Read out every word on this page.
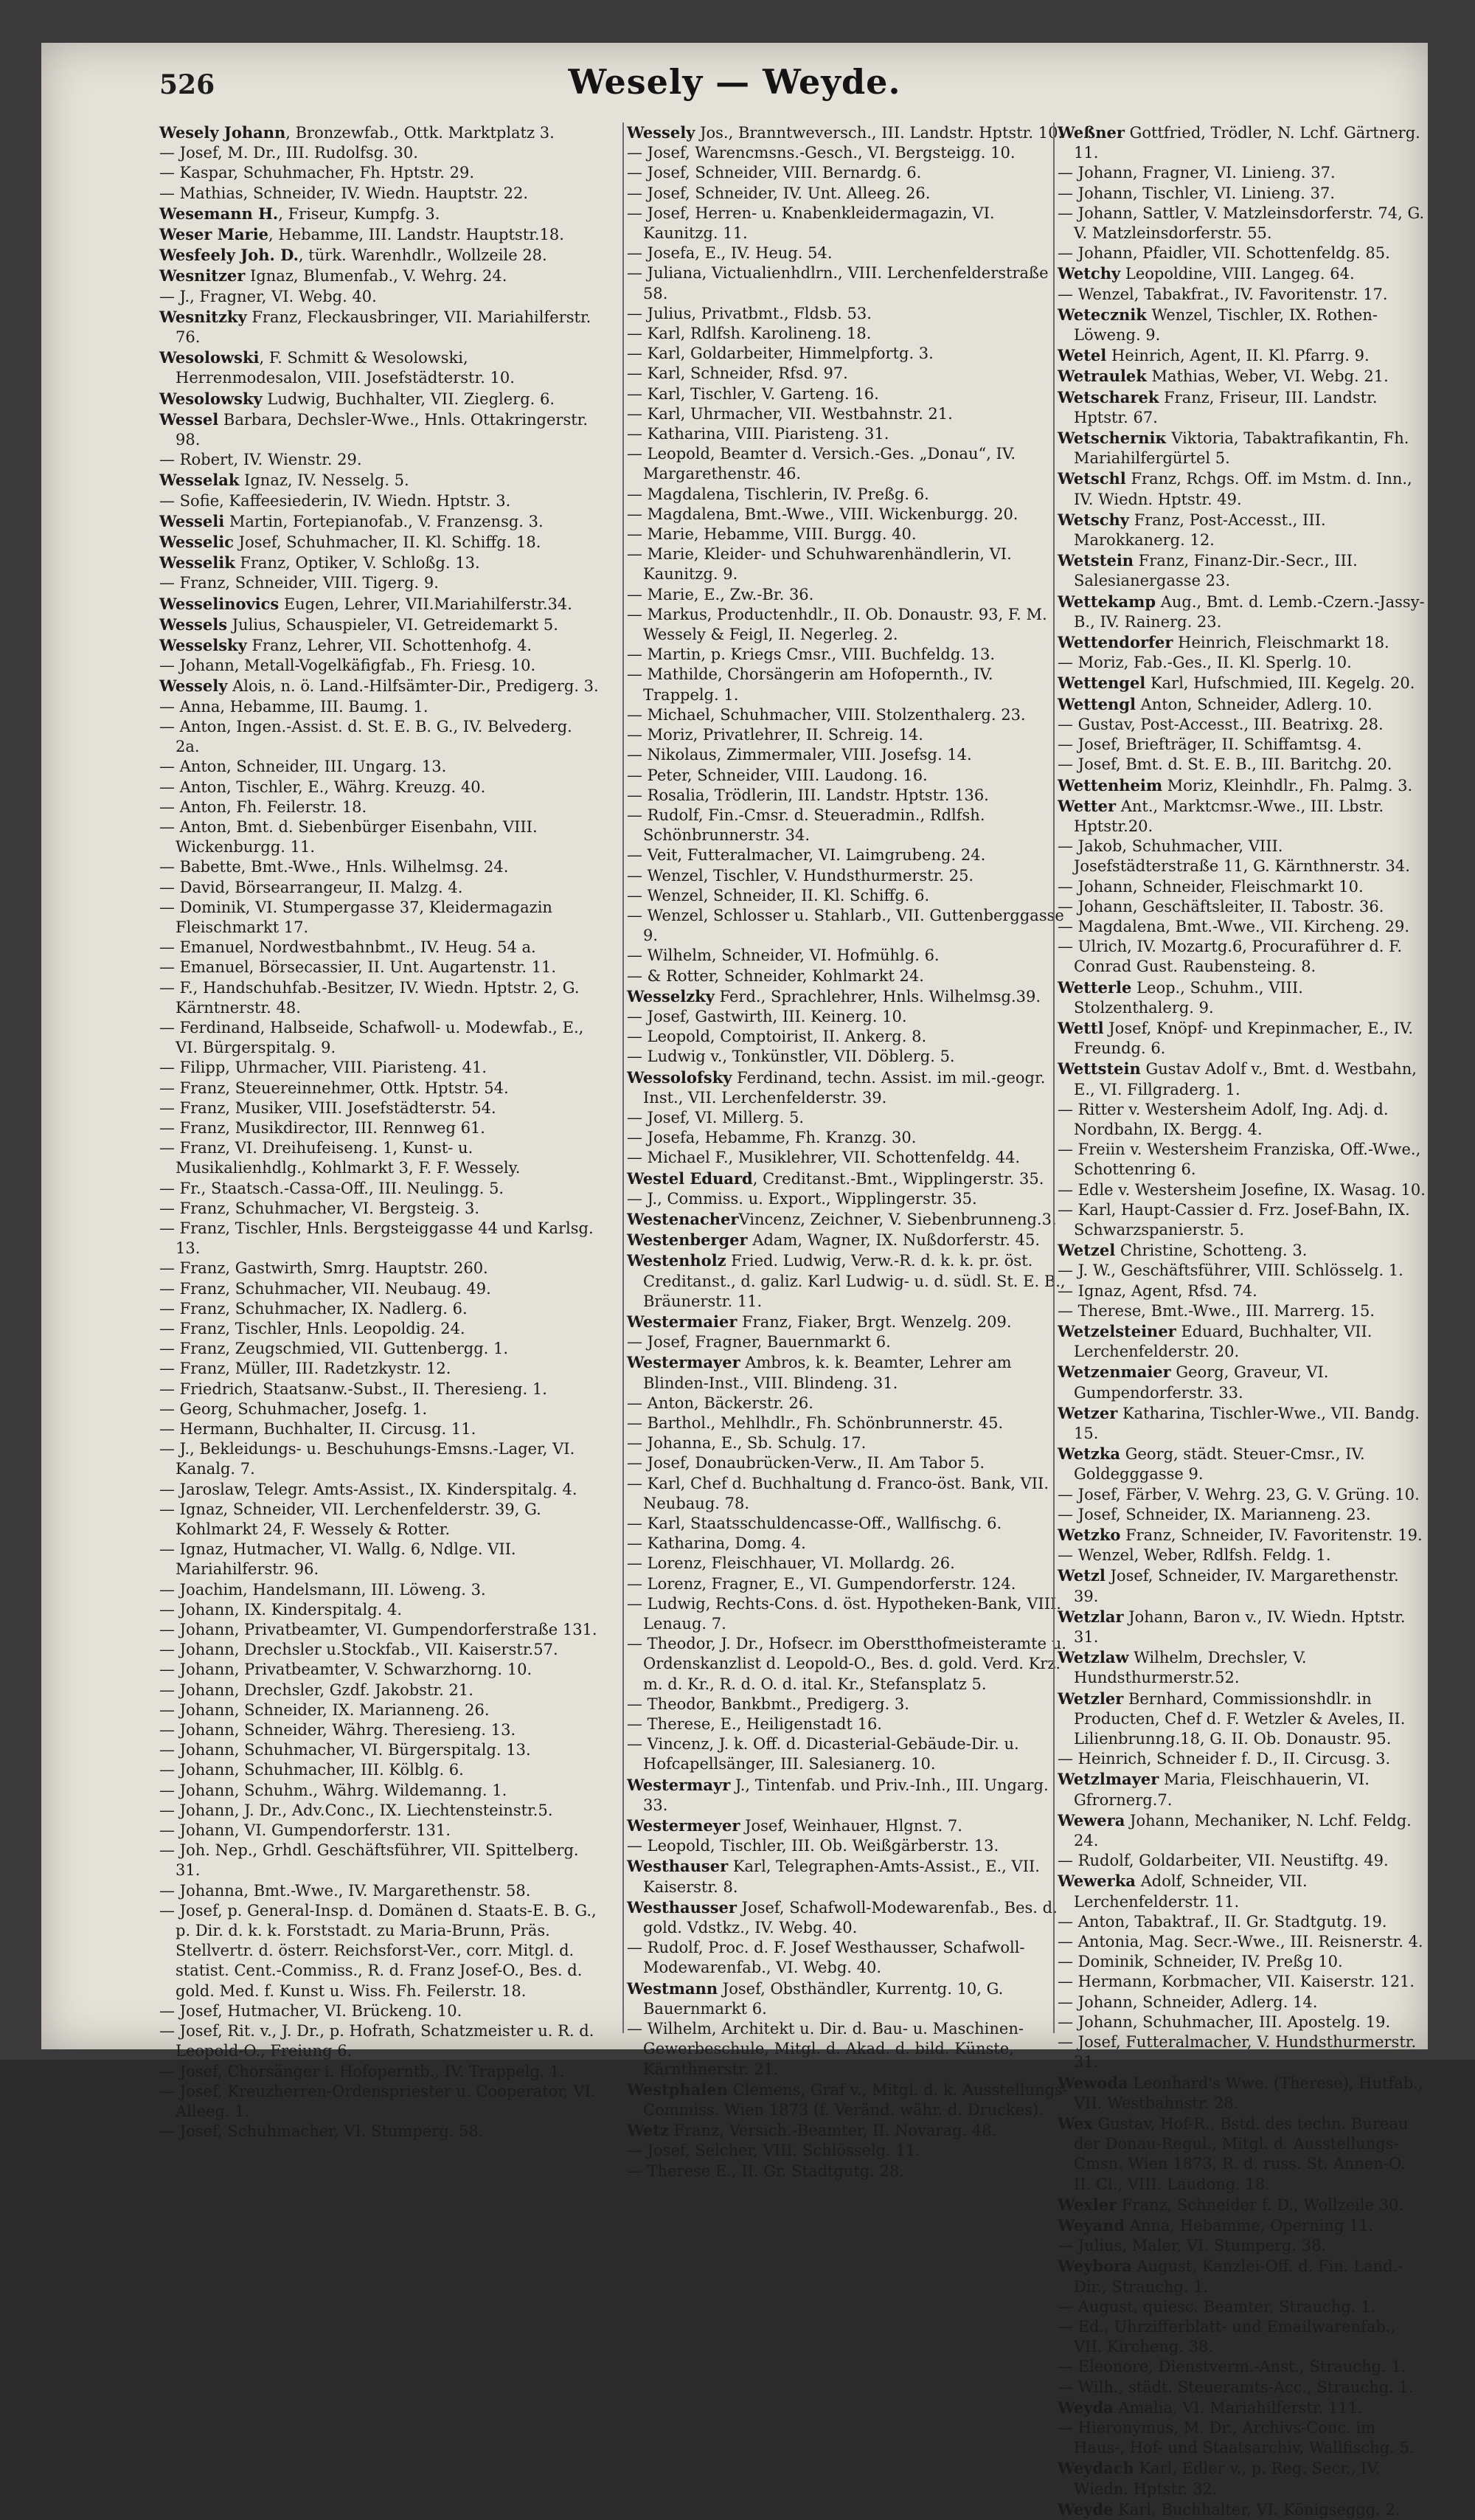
526	Wesely — Weyde.

Wesely Johann, Bronzewfab., Ottk. Marktplatz 3.

— Josef, M. Dr., III. Rudolfsg. 30.

— Kaspar, Schuhmacher, Fh. Hptstr. 29.

— Mathias, Schneider, IV. Wiedn. Hauptstr. 22.

Wesemann H., Friseur, Kumpfg. 3.

Weser Marie, Hebamme, III. Landstr. Hauptstr.18.

Wesfeely Joh. D., türk. Warenhdlr., Wollzeile 28.

Wesnitzer Ignaz, Blumenfab., V. Wehrg. 24.

— J., Fragner, VI. Webg. 40.

Wesnitzky Franz, Fleckausbringer, VII. Mariahilferstr. 76.

Wesolowski, F. Schmitt & Wesolowski, Herrenmodesalon, VIII. Josefstädterstr. 10.

Wesolowsky Ludwig, Buchhalter, VII. Zieglerg. 6.

Wessel Barbara, Dechsler-Wwe., Hnls. Ottakringerstr. 98.

— Robert, IV. Wienstr. 29.

Wesselak Ignaz, IV. Nesselg. 5.

— Sofie, Kaffeesiederin, IV. Wiedn. Hptstr. 3.

Wesseli Martin, Fortepianofab., V. Franzensg. 3.

Wesselic Josef, Schuhmacher, II. Kl. Schiffg. 18.

Wesselik Franz, Optiker, V. Schloßg. 13.

— Franz, Schneider, VIII. Tigerg. 9.

Wesselinovics Eugen, Lehrer, VII.Mariahilferstr.34.

Wessels Julius, Schauspieler, VI. Getreidemarkt 5.

Wesselsky Franz, Lehrer, VII. Schottenhofg. 4.

— Johann, Metall-Vogelkäfigfab., Fh. Friesg. 10.

Wessely Alois, n. ö. Land.-Hilfsämter-Dir., Predigerg. 3.

— Anna, Hebamme, III. Baumg. 1.

— Anton, Ingen.-Assist. d. St. E. B. G., IV. Belvederg. 2a.

— Anton, Schneider, III. Ungarg. 13.

— Anton, Tischler, E., Währg. Kreuzg. 40.

— Anton, Fh. Feilerstr. 18.

— Anton, Bmt. d. Siebenbürger Eisenbahn, VIII. Wickenburgg. 11.

— Babette, Bmt.-Wwe., Hnls. Wilhelmsg. 24.

— David, Börsearrangeur, II. Malzg. 4.

— Dominik, VI. Stumpergasse 37, Kleidermagazin Fleischmarkt 17.

— Emanuel, Nordwestbahnbmt., IV. Heug. 54 a.

— Emanuel, Börsecassier, II. Unt. Augartenstr. 11.

— F., Handschuhfab.-Besitzer, IV. Wiedn. Hptstr. 2, G. Kärntnerstr. 48.

— Ferdinand, Halbseide, Schafwoll- u. Modewfab., E., VI. Bürgerspitalg. 9.

— Filipp, Uhrmacher, VIII. Piaristeng. 41.

— Franz, Steuereinnehmer, Ottk. Hptstr. 54.

— Franz, Musiker, VIII. Josefstädterstr. 54.

— Franz, Musikdirector, III. Rennweg 61.

— Franz, VI. Dreihufeiseng. 1, Kunst- u. Musikalienhdlg., Kohlmarkt 3, F. F. Wessely.

— Fr., Staatsch.-Cassa-Off., III. Neulingg. 5.

— Franz, Schuhmacher, VI. Bergsteig. 3.

— Franz, Tischler, Hnls. Bergsteiggasse 44 und Karlsg. 13.

— Franz, Gastwirth, Smrg. Hauptstr. 260.

— Franz, Schuhmacher, VII. Neubaug. 49.

— Franz, Schuhmacher, IX. Nadlerg. 6.

— Franz, Tischler, Hnls. Leopoldig. 24.

— Franz, Zeugschmied, VII. Guttenbergg. 1.

— Franz, Müller, III. Radetzkystr. 12.

— Friedrich, Staatsanw.-Subst., II. Theresieng. 1.

— Georg, Schuhmacher, Josefg. 1.

— Hermann, Buchhalter, II. Circusg. 11.

— J., Bekleidungs- u. Beschuhungs-Emsns.-Lager, VI. Kanalg. 7.

— Jaroslaw, Telegr. Amts-Assist., IX. Kinderspitalg. 4.

— Ignaz, Schneider, VII. Lerchenfelderstr. 39, G. Kohlmarkt 24, F. Wessely & Rotter.

— Ignaz, Hutmacher, VI. Wallg. 6, Ndlge. VII. Mariahilferstr. 96.

— Joachim, Handelsmann, III. Löweng. 3.

— Johann, IX. Kinderspitalg. 4.

— Johann, Privatbeamter, VI. Gumpendorferstraße 131.

— Johann, Drechsler u.Stockfab., VII. Kaiserstr.57.

— Johann, Privatbeamter, V. Schwarzhorng. 10.

— Johann, Drechsler, Gzdf. Jakobstr. 21.

— Johann, Schneider, IX. Marianneng. 26.

— Johann, Schneider, Währg. Theresieng. 13.

— Johann, Schuhmacher, VI. Bürgerspitalg. 13.

— Johann, Schuhmacher, III. Kölblg. 6.

— Johann, Schuhm., Währg. Wildemanng. 1.

— Johann, J. Dr., Adv.Conc., IX. Liechtensteinstr.5.

— Johann, VI. Gumpendorferstr. 131.

— Joh. Nep., Grhdl. Geschäftsführer, VII. Spittelberg. 31.

— Johanna, Bmt.-Wwe., IV. Margarethenstr. 58.

— Josef, p. General-Insp. d. Domänen d. Staats-E. B. G., p. Dir. d. k. k. Forststadt. zu Maria-Brunn, Präs. Stellvertr. d. österr. Reichsforst-Ver., corr. Mitgl. d. statist. Cent.-Commiss., R. d. Franz Josef-O., Bes. d. gold. Med. f. Kunst u. Wiss. Fh. Feilerstr. 18.

— Josef, Hutmacher, VI. Brückeng. 10.

— Josef, Rit. v., J. Dr., p. Hofrath, Schatzmeister u. R. d. Leopold-O., Freiung 6.

— Josef, Chorsänger i. Hofoperntb., IV. Trappelg. 1.

— Josef, Kreuzherren-Ordenspriester u. Cooperator, VI. Alleeg. 1.

— Josef, Schuhmacher, VI. Stumperg. 58.

Wessely Jos., Branntweversch., III. Landstr. Hptstr. 10.

— Josef, Warencmsns.-Gesch., VI. Bergsteigg. 10.

— Josef, Schneider, VIII. Bernardg. 6.

— Josef, Schneider, IV. Unt. Alleeg. 26.

— Josef, Herren- u. Knabenkleidermagazin, VI. Kaunitzg. 11.

— Josefa, E., IV. Heug. 54.

— Juliana, Victualienhdlrn., VIII. Lerchenfelderstraße 58.

— Julius, Privatbmt., Fldsb. 53.

— Karl, Rdlfsh. Karolineng. 18.

— Karl, Goldarbeiter, Himmelpfortg. 3.

— Karl, Schneider, Rfsd. 97.

— Karl, Tischler, V. Garteng. 16.

— Karl, Uhrmacher, VII. Westbahnstr. 21.

— Katharina, VIII. Piaristeng. 31.

— Leopold, Beamter d. Versich.-Ges. „Donau“, IV. Margarethenstr. 46.

— Magdalena, Tischlerin, IV. Preßg. 6.

— Magdalena, Bmt.-Wwe., VIII. Wickenburgg. 20.

— Marie, Hebamme, VIII. Burgg. 40.

— Marie, Kleider- und Schuhwarenhändlerin, VI. Kaunitzg. 9.

— Marie, E., Zw.-Br. 36.

— Markus, Productenhdlr., II. Ob. Donaustr. 93, F. M. Wessely & Feigl, II. Negerleg. 2.

— Martin, p. Kriegs Cmsr., VIII. Buchfeldg. 13.

— Mathilde, Chorsängerin am Hofopernth., IV. Trappelg. 1.

— Michael, Schuhmacher, VIII. Stolzenthalerg. 23.

— Moriz, Privatlehrer, II. Schreig. 14.

— Nikolaus, Zimmermaler, VIII. Josefsg. 14.

— Peter, Schneider, VIII. Laudong. 16.

— Rosalia, Trödlerin, III. Landstr. Hptstr. 136.

— Rudolf, Fin.-Cmsr. d. Steueradmin., Rdlfsh. Schönbrunnerstr. 34.

— Veit, Futteralmacher, VI. Laimgrubeng. 24.

— Wenzel, Tischler, V. Hundsthurmerstr. 25.

— Wenzel, Schneider, II. Kl. Schiffg. 6.

— Wenzel, Schlosser u. Stahlarb., VII. Guttenberggasse 9.

— Wilhelm, Schneider, VI. Hofmühlg. 6.

— & Rotter, Schneider, Kohlmarkt 24.

Wesselzky Ferd., Sprachlehrer, Hnls. Wilhelmsg.39.

— Josef, Gastwirth, III. Keinerg. 10.

— Leopold, Comptoirist, II. Ankerg. 8.

— Ludwig v., Tonkünstler, VII. Döblerg. 5.

Wessolofsky Ferdinand, techn. Assist. im mil.-geogr. Inst., VII. Lerchenfelderstr. 39.

— Josef, VI. Millerg. 5.

— Josefa, Hebamme, Fh. Kranzg. 30.

— Michael F., Musiklehrer, VII. Schottenfeldg. 44.

Westel Eduard, Creditanst.-Bmt., Wipplingerstr. 35.

— J., Commiss. u. Export., Wipplingerstr. 35.

WestenacherVincenz, Zeichner, V. Siebenbrunneng.3.

Westenberger Adam, Wagner, IX. Nußdorferstr. 45.

Westenholz Fried. Ludwig, Verw.-R. d. k. k. pr. öst. Creditanst., d. galiz. Karl Ludwig- u. d. südl. St. E. B., Bräunerstr. 11.

Westermaier Franz, Fiaker, Brgt. Wenzelg. 209.

— Josef, Fragner, Bauernmarkt 6.

Westermayer Ambros, k. k. Beamter, Lehrer am Blinden-Inst., VIII. Blindeng. 31.

— Anton, Bäckerstr. 26.

— Barthol., Mehlhdlr., Fh. Schönbrunnerstr. 45.

— Johanna, E., Sb. Schulg. 17.

— Josef, Donaubrücken-Verw., II. Am Tabor 5.

— Karl, Chef d. Buchhaltung d. Franco-öst. Bank, VII. Neubaug. 78.

— Karl, Staatsschuldencasse-Off., Wallfischg. 6.

— Katharina, Domg. 4.

— Lorenz, Fleischhauer, VI. Mollardg. 26.

— Lorenz, Fragner, E., VI. Gumpendorferstr. 124.

— Ludwig, Rechts-Cons. d. öst. Hypotheken-Bank, VIII. Lenaug. 7.

— Theodor, J. Dr., Hofsecr. im Oberstthofmeisteramte u. Ordenskanzlist d. Leopold-O., Bes. d. gold. Verd. Krz. m. d. Kr., R. d. O. d. ital. Kr., Stefansplatz 5.

— Theodor, Bankbmt., Predigerg. 3.

— Therese, E., Heiligenstadt 16.

— Vincenz, J. k. Off. d. Dicasterial-Gebäude-Dir. u. Hofcapellsänger, III. Salesianerg. 10.

Westermayr J., Tintenfab. und Priv.-Inh., III. Ungarg. 33.

Westermeyer Josef, Weinhauer, Hlgnst. 7.

— Leopold, Tischler, III. Ob. Weißgärberstr. 13.

Westhauser Karl, Telegraphen-Amts-Assist., E., VII. Kaiserstr. 8.

Westhausser Josef, Schafwoll-Modewarenfab., Bes. d. gold. Vdstkz., IV. Webg. 40.

— Rudolf, Proc. d. F. Josef Westhausser, Schafwoll-Modewarenfab., VI. Webg. 40.

Westmann Josef, Obsthändler, Kurrentg. 10, G. Bauernmarkt 6.

— Wilhelm, Architekt u. Dir. d. Bau- u. Maschinen-Gewerbeschule, Mitgl. d. Akad. d. bild. Künste, Kärnthnerstr. 21.

Westphalen Clemens, Graf v., Mitgl. d. k. Ausstellungs-Commiss. Wien 1873 (f. Veränd. währ. d. Druckes).

Wetz Franz, Versich.-Beamter, II. Novarag. 48.

— Josef, Selcher, VIII. Schlösselg. 11.

— Therese E., II. Gr. Stadtgutg. 28.

Weßner Gottfried, Trödler, N. Lchf. Gärtnerg. 11.

— Johann, Fragner, VI. Linieng. 37.

— Johann, Tischler, VI. Linieng. 37.

— Johann, Sattler, V. Matzleinsdorferstr. 74, G. V. Matzleinsdorferstr. 55.

— Johann, Pfaidler, VII. Schottenfeldg. 85.

Wetchy Leopoldine, VIII. Langeg. 64.

— Wenzel, Tabakfrat., IV. Favoritenstr. 17.

Wetecznik Wenzel, Tischler, IX. Rothen-Löweng. 9.

Wetel Heinrich, Agent, II. Kl. Pfarrg. 9.

Wetraulek Mathias, Weber, VI. Webg. 21.

Wetscharek Franz, Friseur, III. Landstr. Hptstr. 67.

Wetscherniк Viktoria, Tabaktrafikantin, Fh. Mariahilfergürtel 5.

Wetschl Franz, Rchgs. Off. im Mstm. d. Inn., IV. Wiedn. Hptstr. 49.

Wetschy Franz, Post-Accesst., III. Marokkanerg. 12.

Wetstein Franz, Finanz-Dir.-Secr., III. Salesianergasse 23.

Wettekamp Aug., Bmt. d. Lemb.-Czern.-Jassy-B., IV. Rainerg. 23.

Wettendorfer Heinrich, Fleischmarkt 18.

— Moriz, Fab.-Ges., II. Kl. Sperlg. 10.

Wettengel Karl, Hufschmied, III. Kegelg. 20.

Wettengl Anton, Schneider, Adlerg. 10.

— Gustav, Post-Accesst., III. Beatrixg. 28.

— Josef, Briefträger, II. Schiffamtsg. 4.

— Josef, Bmt. d. St. E. B., III. Baritchg. 20.

Wettenheim Moriz, Kleinhdlr., Fh. Palmg. 3.

Wetter Ant., Marktcmsr.-Wwe., III. Lbstr. Hptstr.20.

— Jakob, Schuhmacher, VIII. Josefstädterstraße 11, G. Kärnthnerstr. 34.

— Johann, Schneider, Fleischmarkt 10.

— Johann, Geschäftsleiter, II. Tabostr. 36.

— Magdalena, Bmt.-Wwe., VII. Kircheng. 29.

— Ulrich, IV. Mozartg.6, Procuraführer d. F. Conrad Gust. Raubensteing. 8.

Wetterle Leop., Schuhm., VIII. Stolzenthalerg. 9.

Wettl Josef, Knöpf- und Krepinmacher, E., IV. Freundg. 6.

Wettstein Gustav Adolf v., Bmt. d. Westbahn, E., VI. Fillgraderg. 1.

— Ritter v. Westersheim Adolf, Ing. Adj. d. Nordbahn, IX. Bergg. 4.

— Freiin v. Westersheim Franziska, Off.-Wwe., Schottenring 6.

— Edle v. Westersheim Josefine, IX. Wasag. 10.

— Karl, Haupt-Cassier d. Frz. Josef-Bahn, IX. Schwarzspanierstr. 5.

Wetzel Christine, Schotteng. 3.

— J. W., Geschäftsführer, VIII. Schlösselg. 1.

— Ignaz, Agent, Rfsd. 74.

— Therese, Bmt.-Wwe., III. Marrerg. 15.

Wetzelsteiner Eduard, Buchhalter, VII. Lerchenfelderstr. 20.

Wetzenmaier Georg, Graveur, VI. Gumpendorferstr. 33.

Wetzer Katharina, Tischler-Wwe., VII. Bandg. 15.

Wetzka Georg, städt. Steuer-Cmsr., IV. Goldegggasse 9.

— Josef, Färber, V. Wehrg. 23, G. V. Grüng. 10.

— Josef, Schneider, IX. Marianneng. 23.

Wetzko Franz, Schneider, IV. Favoritenstr. 19.

— Wenzel, Weber, Rdlfsh. Feldg. 1.

Wetzl Josef, Schneider, IV. Margarethenstr. 39.

Wetzlar Johann, Baron v., IV. Wiedn. Hptstr. 31.

Wetzlaw Wilhelm, Drechsler, V. Hundsthurmerstr.52.

Wetzler Bernhard, Commissionshdlr. in Producten, Chef d. F. Wetzler & Aveles, II. Lilienbrunng.18, G. II. Ob. Donaustr. 95.

— Heinrich, Schneider f. D., II. Circusg. 3.

Wetzlmayer Maria, Fleischhauerin, VI. Gfrornerg.7.

Wewera Johann, Mechaniker, N. Lchf. Feldg. 24.

— Rudolf, Goldarbeiter, VII. Neustiftg. 49.

Wewerka Adolf, Schneider, VII. Lerchenfelderstr. 11.

— Anton, Tabaktraf., II. Gr. Stadtgutg. 19.

— Antonia, Mag. Secr.-Wwe., III. Reisnerstr. 4.

— Dominik, Schneider, IV. Preßg 10.

— Hermann, Korbmacher, VII. Kaiserstr. 121.

— Johann, Schneider, Adlerg. 14.

— Johann, Schuhmacher, III. Apostelg. 19.

— Josef, Futteralmacher, V. Hundsthurmerstr. 31.

Wewoda Leonhard's Wwe. (Therese), Hutfab., VII. Westbahnstr. 28.

Wex Gustav, Hof-R., Bstd. des techn. Bureau der Donau-Regul., Mitgl. d. Ausstellungs-Cmsn. Wien 1873, R. d. russ. St. Annen-O. II. Cl., VIII. Laudong. 18.

Wexler Franz, Schneider f. D., Wollzeile 30.

Weyand Anna, Hebamme, Operning 11.

— Julius, Maler, VI. Stumperg. 38.

Weybora August, Kanzlei-Off. d. Fin. Land.-Dir., Strauchg. 1.

— August, quiesc. Beamter, Strauchg. 1.

— Ed., Uhrzifferblatt- und Emailwarenfab., VII. Kircheng. 38.

— Eleonore, Dienstverm.-Anst., Strauchg. 1.

— Wilh., städt. Steueramts-Acc., Strauchg. 1.

Weyda Amalia, VI. Mariahilferstr. 111.

— Hieronymus, M. Dr., Archivs-Conc. im Haus-, Hof- und Staatsarchiv, Wallfischg. 5.

Weydach Karl, Edler v., p. Reg. Secr., IV. Wiedn. Hptstr. 32.

Weyde Karl, Buchhalter, VI. Königseggg. 2.
